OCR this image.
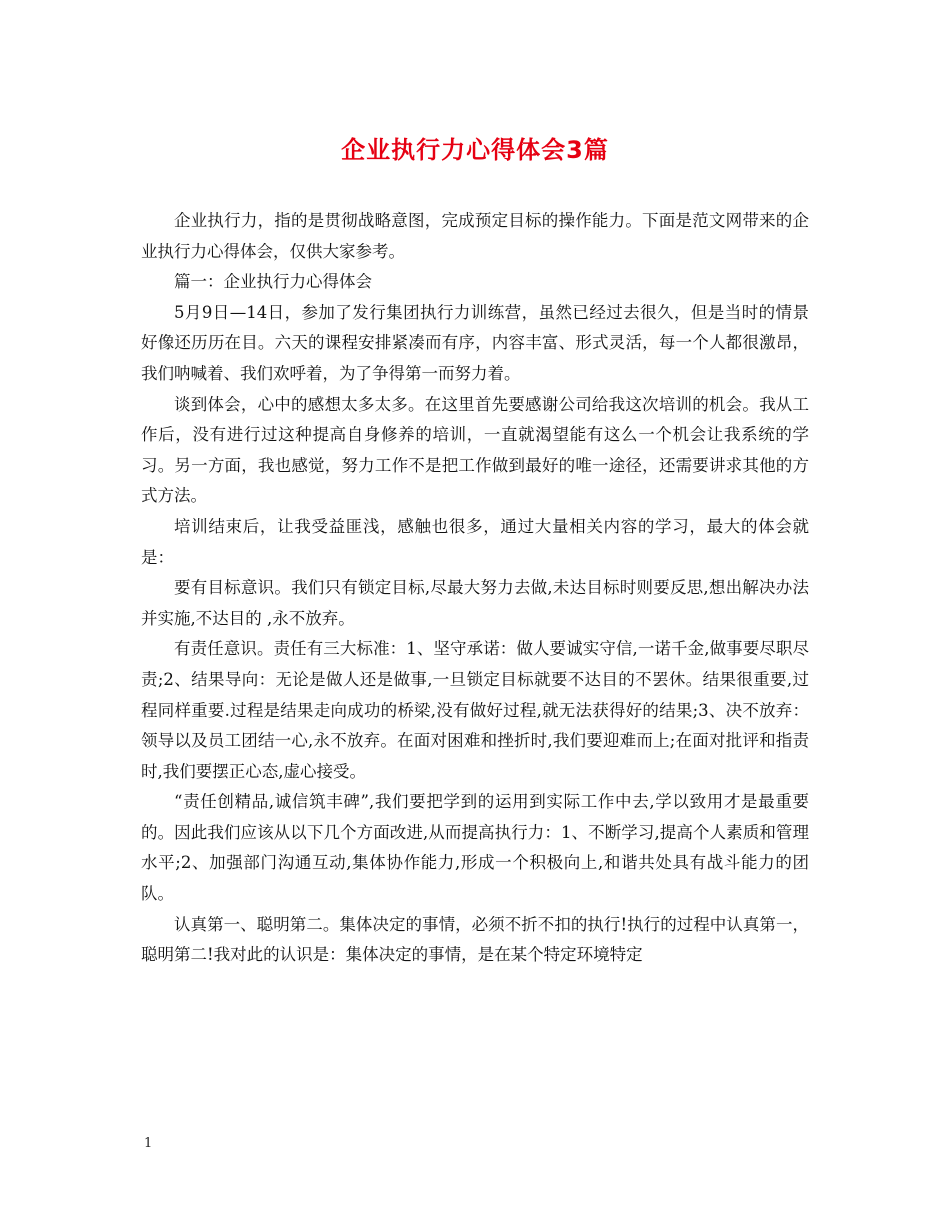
企业执行力心得体会3篇

企业执行力，指的是贯彻战略意图，完成预定目标的操作能力。下面是范文网带来的企业执行力心得体会，仅供大家参考。

篇一：企业执行力心得体会

5月9日—14日，参加了发行集团执行力训练营，虽然已经过去很久，但是当时的情景好像还历历在目。六天的课程安排紧凑而有序，内容丰富、形式灵活，每一个人都很激昂，我们呐喊着、我们欢呼着，为了争得第一而努力着。

谈到体会，心中的感想太多太多。在这里首先要感谢公司给我这次培训的机会。我从工作后，没有进行过这种提高自身修养的培训，一直就渴望能有这么一个机会让我系统的学习。另一方面，我也感觉，努力工作不是把工作做到最好的唯一途径，还需要讲求其他的方式方法。

培训结束后，让我受益匪浅，感触也很多，通过大量相关内容的学习，最大的体会就是：

要有目标意识。我们只有锁定目标,尽最大努力去做,未达目标时则要反思,想出解决办法并实施,不达目的 ,永不放弃。

有责任意识。责任有三大标准：1、坚守承诺：做人要诚实守信,一诺千金,做事要尽职尽责;2、结果导向：无论是做人还是做事,一旦锁定目标就要不达目的不罢休。结果很重要,过程同样重要.过程是结果走向成功的桥梁,没有做好过程,就无法获得好的结果;3、决不放弃：领导以及员工团结一心,永不放弃。在面对困难和挫折时,我们要迎难而上;在面对批评和指责时,我们要摆正心态,虚心接受。

“责任创精品,诚信筑丰碑”,我们要把学到的运用到实际工作中去,学以致用才是最重要的。因此我们应该从以下几个方面改进,从而提高执行力：1、不断学习,提高个人素质和管理水平;2、加强部门沟通互动,集体协作能力,形成一个积极向上,和谐共处具有战斗能力的团队。

认真第一、聪明第二。集体决定的事情，必须不折不扣的执行!执行的过程中认真第一，聪明第二!我对此的认识是：集体决定的事情，是在某个特定环境特定

1
